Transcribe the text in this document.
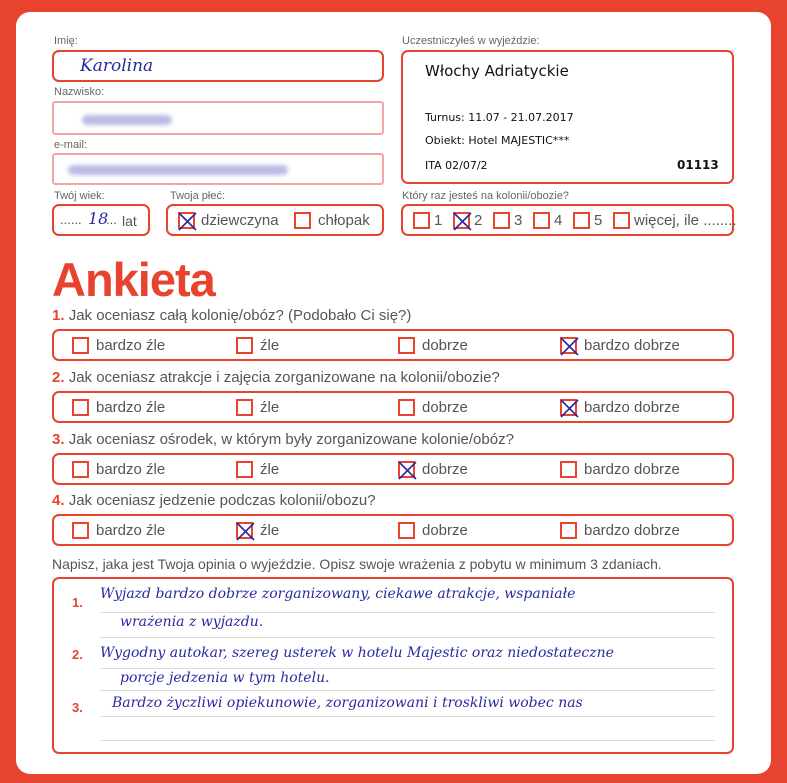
Imię:
Karolina
Nazwisko:
e-mail:
Twój wiek:
...... 18
... lat
Twoja płeć:
dziewczyna	chłopak
Uczestniczyłeś w wyjeździe:
Włochy Adriatyckie
Turnus: 11.07 - 21.07.2017
Obiekt: Hotel MAJESTIC***
ITA 02/07/2	01113
Który raz jesteś na kolonii/obozie?
1 2 3 4 5 więcej, ile ........
Ankieta
1. Jak oceniasz całą kolonię/obóz? (Podobało Ci się?)
bardzo źle	źle	dobrze	bardzo dobrze
2. Jak oceniasz atrakcje i zajęcia zorganizowane na kolonii/obozie?
bardzo źle	źle	dobrze	bardzo dobrze
3. Jak oceniasz ośrodek, w którym były zorganizowane kolonie/obóz?
bardzo źle	źle	dobrze	bardzo dobrze
4. Jak oceniasz jedzenie podczas kolonii/obozu?
bardzo źle	źle	dobrze	bardzo dobrze
Napisz, jaka jest Twoja opinia o wyjeździe. Opisz swoje wrażenia z pobytu w minimum 3 zdaniach.
1.
Wyjazd bardzo dobrze zorganizowany, ciekawe atrakcje, wspaniałe
wrażenia z wyjazdu.
2. Wygodny autokar, szereg usterek w hotelu Majestic oraz niedostateczne
porcje jedzenia w tym hotelu.
3. Bardzo życzliwi opiekunowie, zorganizowani i troskliwi wobec nas
